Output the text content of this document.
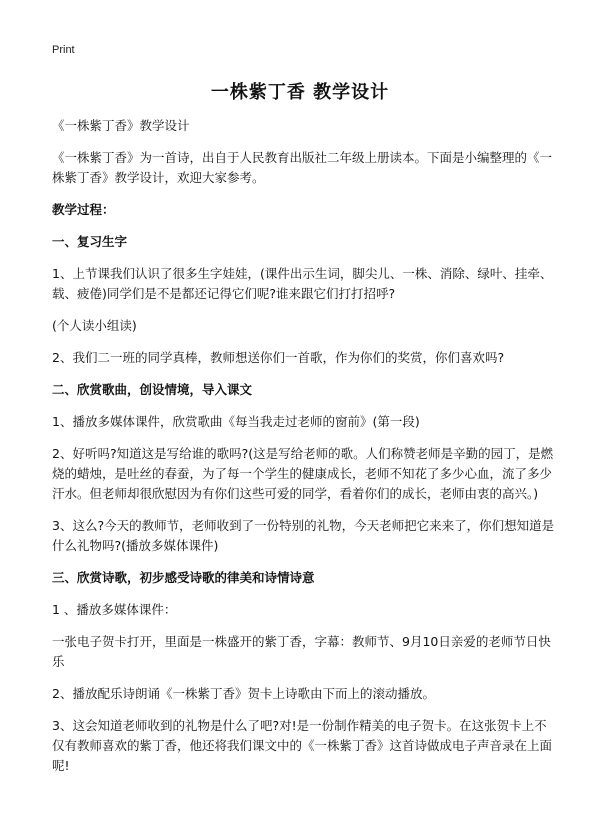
Print
一株紫丁香 教学设计

《一株紫丁香》教学设计

《一株紫丁香》为一首诗，出自于人民教育出版社二年级上册读本。下面是小编整理的《一株紫丁香》教学设计，欢迎大家参考。

教学过程：
一、复习生字

1、上节课我们认识了很多生字娃娃，(课件出示生词，脚尖儿、一株、消除、绿叶、挂牵、载、疲倦)同学们是不是都还记得它们呢?谁来跟它们打打招呼?

(个人读小组读)

2、我们二一班的同学真棒，教师想送你们一首歌，作为你们的奖赏，你们喜欢吗?

二、欣赏歌曲，创设情境，导入课文

1、播放多媒体课件，欣赏歌曲《每当我走过老师的窗前》(第一段)

2、好听吗?知道这是写给谁的歌吗?(这是写给老师的歌。人们称赞老师是辛勤的园丁，是燃烧的蜡烛，是吐丝的春蚕，为了每一个学生的健康成长，老师不知花了多少心血，流了多少汗水。但老师却很欣慰因为有你们这些可爱的同学，看着你们的成长，老师由衷的高兴。)

3、这么?今天的教师节，老师收到了一份特别的礼物，今天老师把它来来了，你们想知道是什么礼物吗?(播放多媒体课件)

三、欣赏诗歌，初步感受诗歌的律美和诗情诗意

1 、播放多媒体课件：

一张电子贺卡打开，里面是一株盛开的紫丁香，字幕：教师节、9月10日亲爱的老师节日快乐

2、播放配乐诗朗诵《一株紫丁香》贺卡上诗歌由下而上的滚动播放。

3、这会知道老师收到的礼物是什么了吧?对!是一份制作精美的电子贺卡。在这张贺卡上不仅有教师喜欢的紫丁香，他还将我们课文中的《一株紫丁香》这首诗做成电子声音录在上面呢!
